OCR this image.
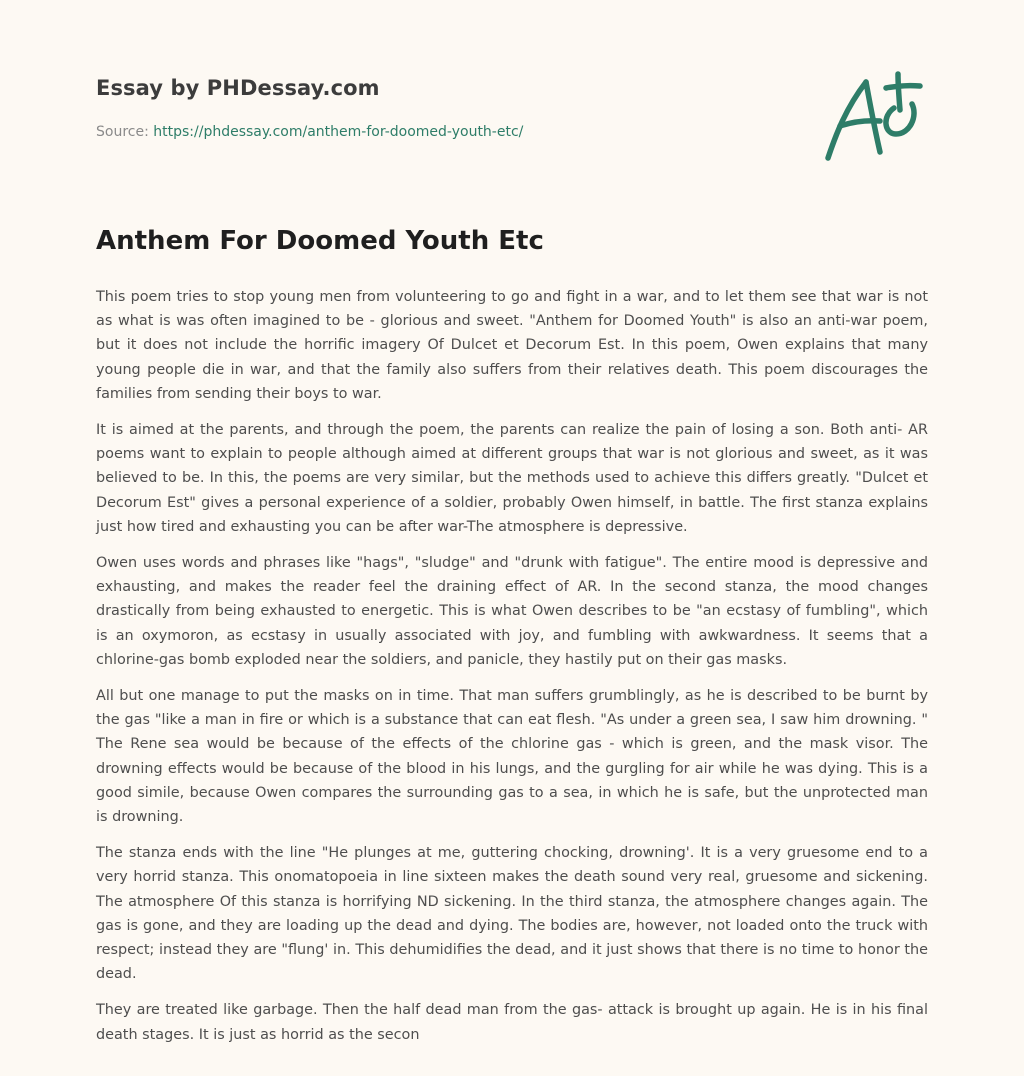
Essay by PHDessay.com
Source: https://phdessay.com/anthem-for-doomed-youth-etc/
Anthem For Doomed Youth Etc

This poem tries to stop young men from volunteering to go and fight in a war, and to let them see that war is not as what is was often imagined to be - glorious and sweet. "Anthem for Doomed Youth" is also an anti-war poem, but it does not include the horrific imagery Of Dulcet et Decorum Est. In this poem, Owen explains that many young people die in war, and that the family also suffers from their relatives death. This poem discourages the families from sending their boys to war.

It is aimed at the parents, and through the poem, the parents can realize the pain of losing a son. Both anti- AR poems want to explain to people although aimed at different groups that war is not glorious and sweet, as it was believed to be. In this, the poems are very similar, but the methods used to achieve this differs greatly. "Dulcet et Decorum Est" gives a personal experience of a soldier, probably Owen himself, in battle. The first stanza explains just how tired and exhausting you can be after war-The atmosphere is depressive.

Owen uses words and phrases like "hags", "sludge" and "drunk with fatigue". The entire mood is depressive and exhausting, and makes the reader feel the draining effect of AR. In the second stanza, the mood changes drastically from being exhausted to energetic. This is what Owen describes to be "an ecstasy of fumbling", which is an oxymoron, as ecstasy in usually associated with joy, and fumbling with awkwardness. It seems that a chlorine-gas bomb exploded near the soldiers, and panicle, they hastily put on their gas masks.

All but one manage to put the masks on in time. That man suffers grumblingly, as he is described to be burnt by the gas "like a man in fire or which is a substance that can eat flesh. "As under a green sea, I saw him drowning. " The Rene sea would be because of the effects of the chlorine gas - which is green, and the mask visor. The drowning effects would be because of the blood in his lungs, and the gurgling for air while he was dying. This is a good simile, because Owen compares the surrounding gas to a sea, in which he is safe, but the unprotected man is drowning.

The stanza ends with the line "He plunges at me, guttering chocking, drowning'. It is a very gruesome end to a very horrid stanza. This onomatopoeia in line sixteen makes the death sound very real, gruesome and sickening. The atmosphere Of this stanza is horrifying ND sickening. In the third stanza, the atmosphere changes again. The gas is gone, and they are loading up the dead and dying. The bodies are, however, not loaded onto the truck with respect; instead they are "flung' in. This dehumidifies the dead, and it just shows that there is no time to honor the dead.

They are treated like garbage. Then the half dead man from the gas- attack is brought up again. He is in his final death stages. It is just as horrid as the secon
